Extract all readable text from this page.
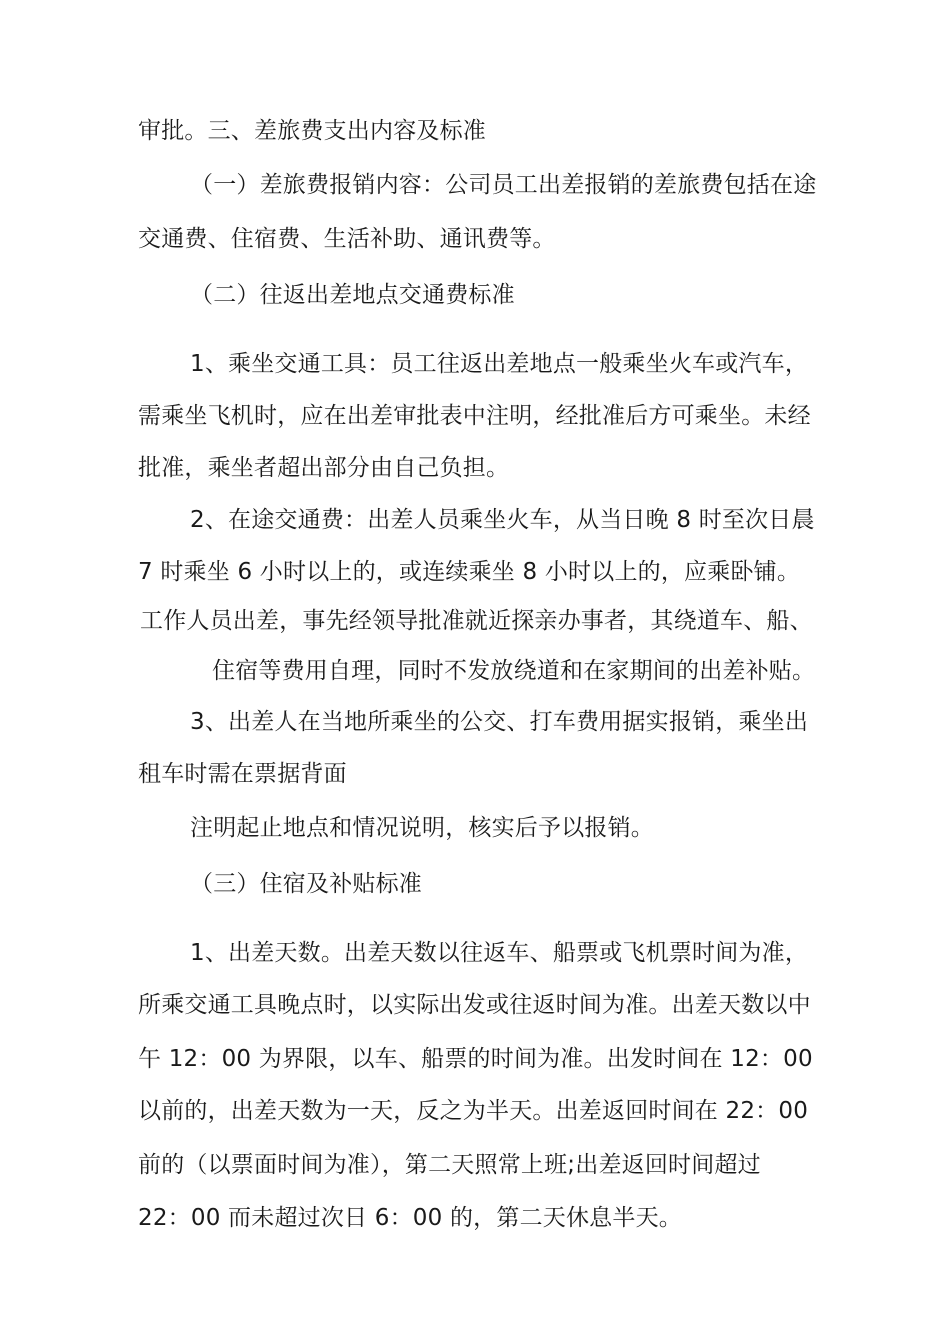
审批。三、差旅费支出内容及标准
（一）差旅费报销内容：公司员工出差报销的差旅费包括在途
交通费、住宿费、生活补助、通讯费等。
（二）往返出差地点交通费标准
1、乘坐交通工具：员工往返出差地点一般乘坐火车或汽车，
需乘坐飞机时，应在出差审批表中注明，经批准后方可乘坐。未经
批准，乘坐者超出部分由自己负担。
2、在途交通费：出差人员乘坐火车，从当日晚 8 时至次日晨
7 时乘坐 6 小时以上的，或连续乘坐 8 小时以上的，应乘卧铺。
工作人员出差，事先经领导批准就近探亲办事者，其绕道车、船、
住宿等费用自理，同时不发放绕道和在家期间的出差补贴。
3、出差人在当地所乘坐的公交、打车费用据实报销，乘坐出
租车时需在票据背面
注明起止地点和情况说明，核实后予以报销。
（三）住宿及补贴标准
1、出差天数。出差天数以往返车、船票或飞机票时间为准，
所乘交通工具晚点时，以实际出发或往返时间为准。出差天数以中
午 12：00 为界限，以车、船票的时间为准。出发时间在 12：00
以前的，出差天数为一天，反之为半天。出差返回时间在 22：00
前的（以票面时间为准），第二天照常上班;出差返回时间超过
22：00 而未超过次日 6：00 的，第二天休息半天。
